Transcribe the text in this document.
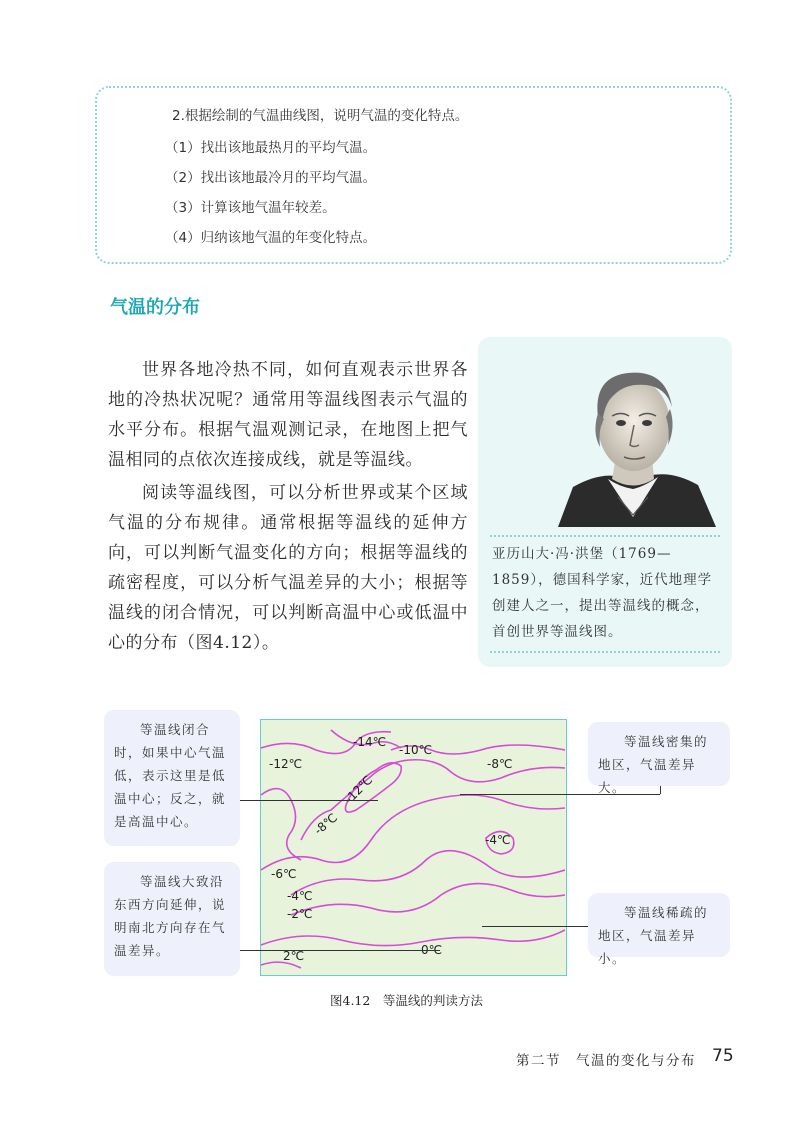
2.根据绘制的气温曲线图，说明气温的变化特点。
（1）找出该地最热月的平均气温。
（2）找出该地最冷月的平均气温。
（3）计算该地气温年较差。
（4）归纳该地气温的年变化特点。
气温的分布

世界各地冷热不同，如何直观表示世界各地的冷热状况呢？通常用等温线图表示气温的水平分布。根据气温观测记录，在地图上把气温相同的点依次连接成线，就是等温线。

阅读等温线图，可以分析世界或某个区域气温的分布规律。通常根据等温线的延伸方向，可以判断气温变化的方向；根据等温线的疏密程度，可以分析气温差异的大小；根据等温线的闭合情况，可以判断高温中心或低温中心的分布（图4.12）。

亚历山大·冯·洪堡（1769—1859），德国科学家，近代地理学创建人之一，提出等温线的概念，首创世界等温线图。
等温线闭合时，如果中心气温低，表示这里是低温中心；反之，就是高温中心。
等温线大致沿东西方向延伸，说明南北方向存在气温差异。
等温线密集的地区，气温差异大。
等温线稀疏的地区，气温差异小。
-14℃
-12℃
-10℃
-8℃
-12℃
-8℃
-4℃
-6℃
-4℃
-2℃
0℃
2℃
图4.12　等温线的判读方法
第二节　气温的变化与分布 75
